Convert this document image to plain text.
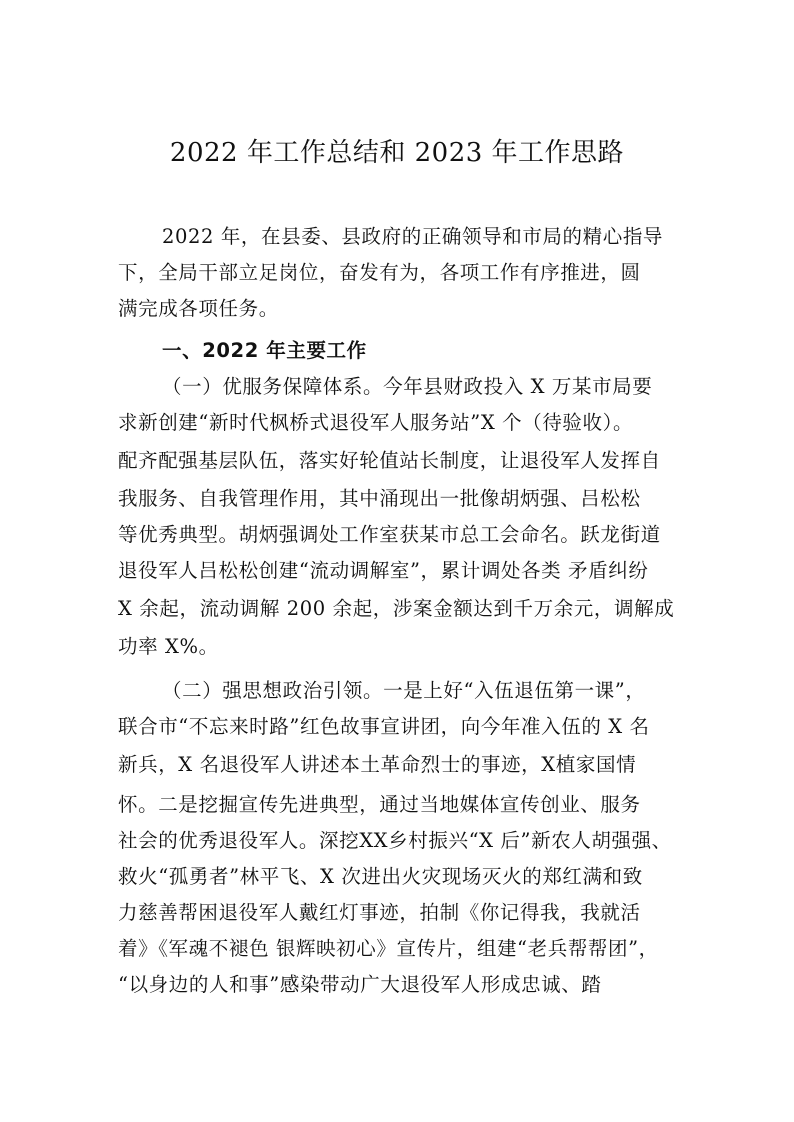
2022 年工作总结和 2023 年工作思路
2022 年，在县委、县政府的正确领导和市局的精心指导
下，全局干部立足岗位，奋发有为，各项工作有序推进，圆
满完成各项任务。
一、2022 年主要工作
（一）优服务保障体系。今年县财政投入 X 万某市局要
求新创建“新时代枫桥式退役军人服务站”X 个（待验收）。
配齐配强基层队伍，落实好轮值站长制度，让退役军人发挥自
我服务、自我管理作用，其中涌现出一批像胡炳强、吕松松
等优秀典型。胡炳强调处工作室获某市总工会命名。跃龙街道
退役军人吕松松创建“流动调解室”，累计调处各类 矛盾纠纷
X 余起，流动调解 200 余起，涉案金额达到千万余元，调解成
功率 X%。
（二）强思想政治引领。一是上好“入伍退伍第一课”，
联合市“不忘来时路”红色故事宣讲团，向今年准入伍的 X 名
新兵，X 名退役军人讲述本土革命烈士的事迹，X植家国情
怀。二是挖掘宣传先进典型，通过当地媒体宣传创业、服务
社会的优秀退役军人。深挖XX乡村振兴“X 后”新农人胡强强、
救火“孤勇者”林平飞、X 次进出火灾现场灭火的郑红满和致
力慈善帮困退役军人戴红灯事迹，拍制《你记得我，我就活
着》《军魂不褪色 银辉映初心》宣传片，组建“老兵帮帮团”，
“以身边的人和事”感染带动广大退役军人形成忠诚、踏
